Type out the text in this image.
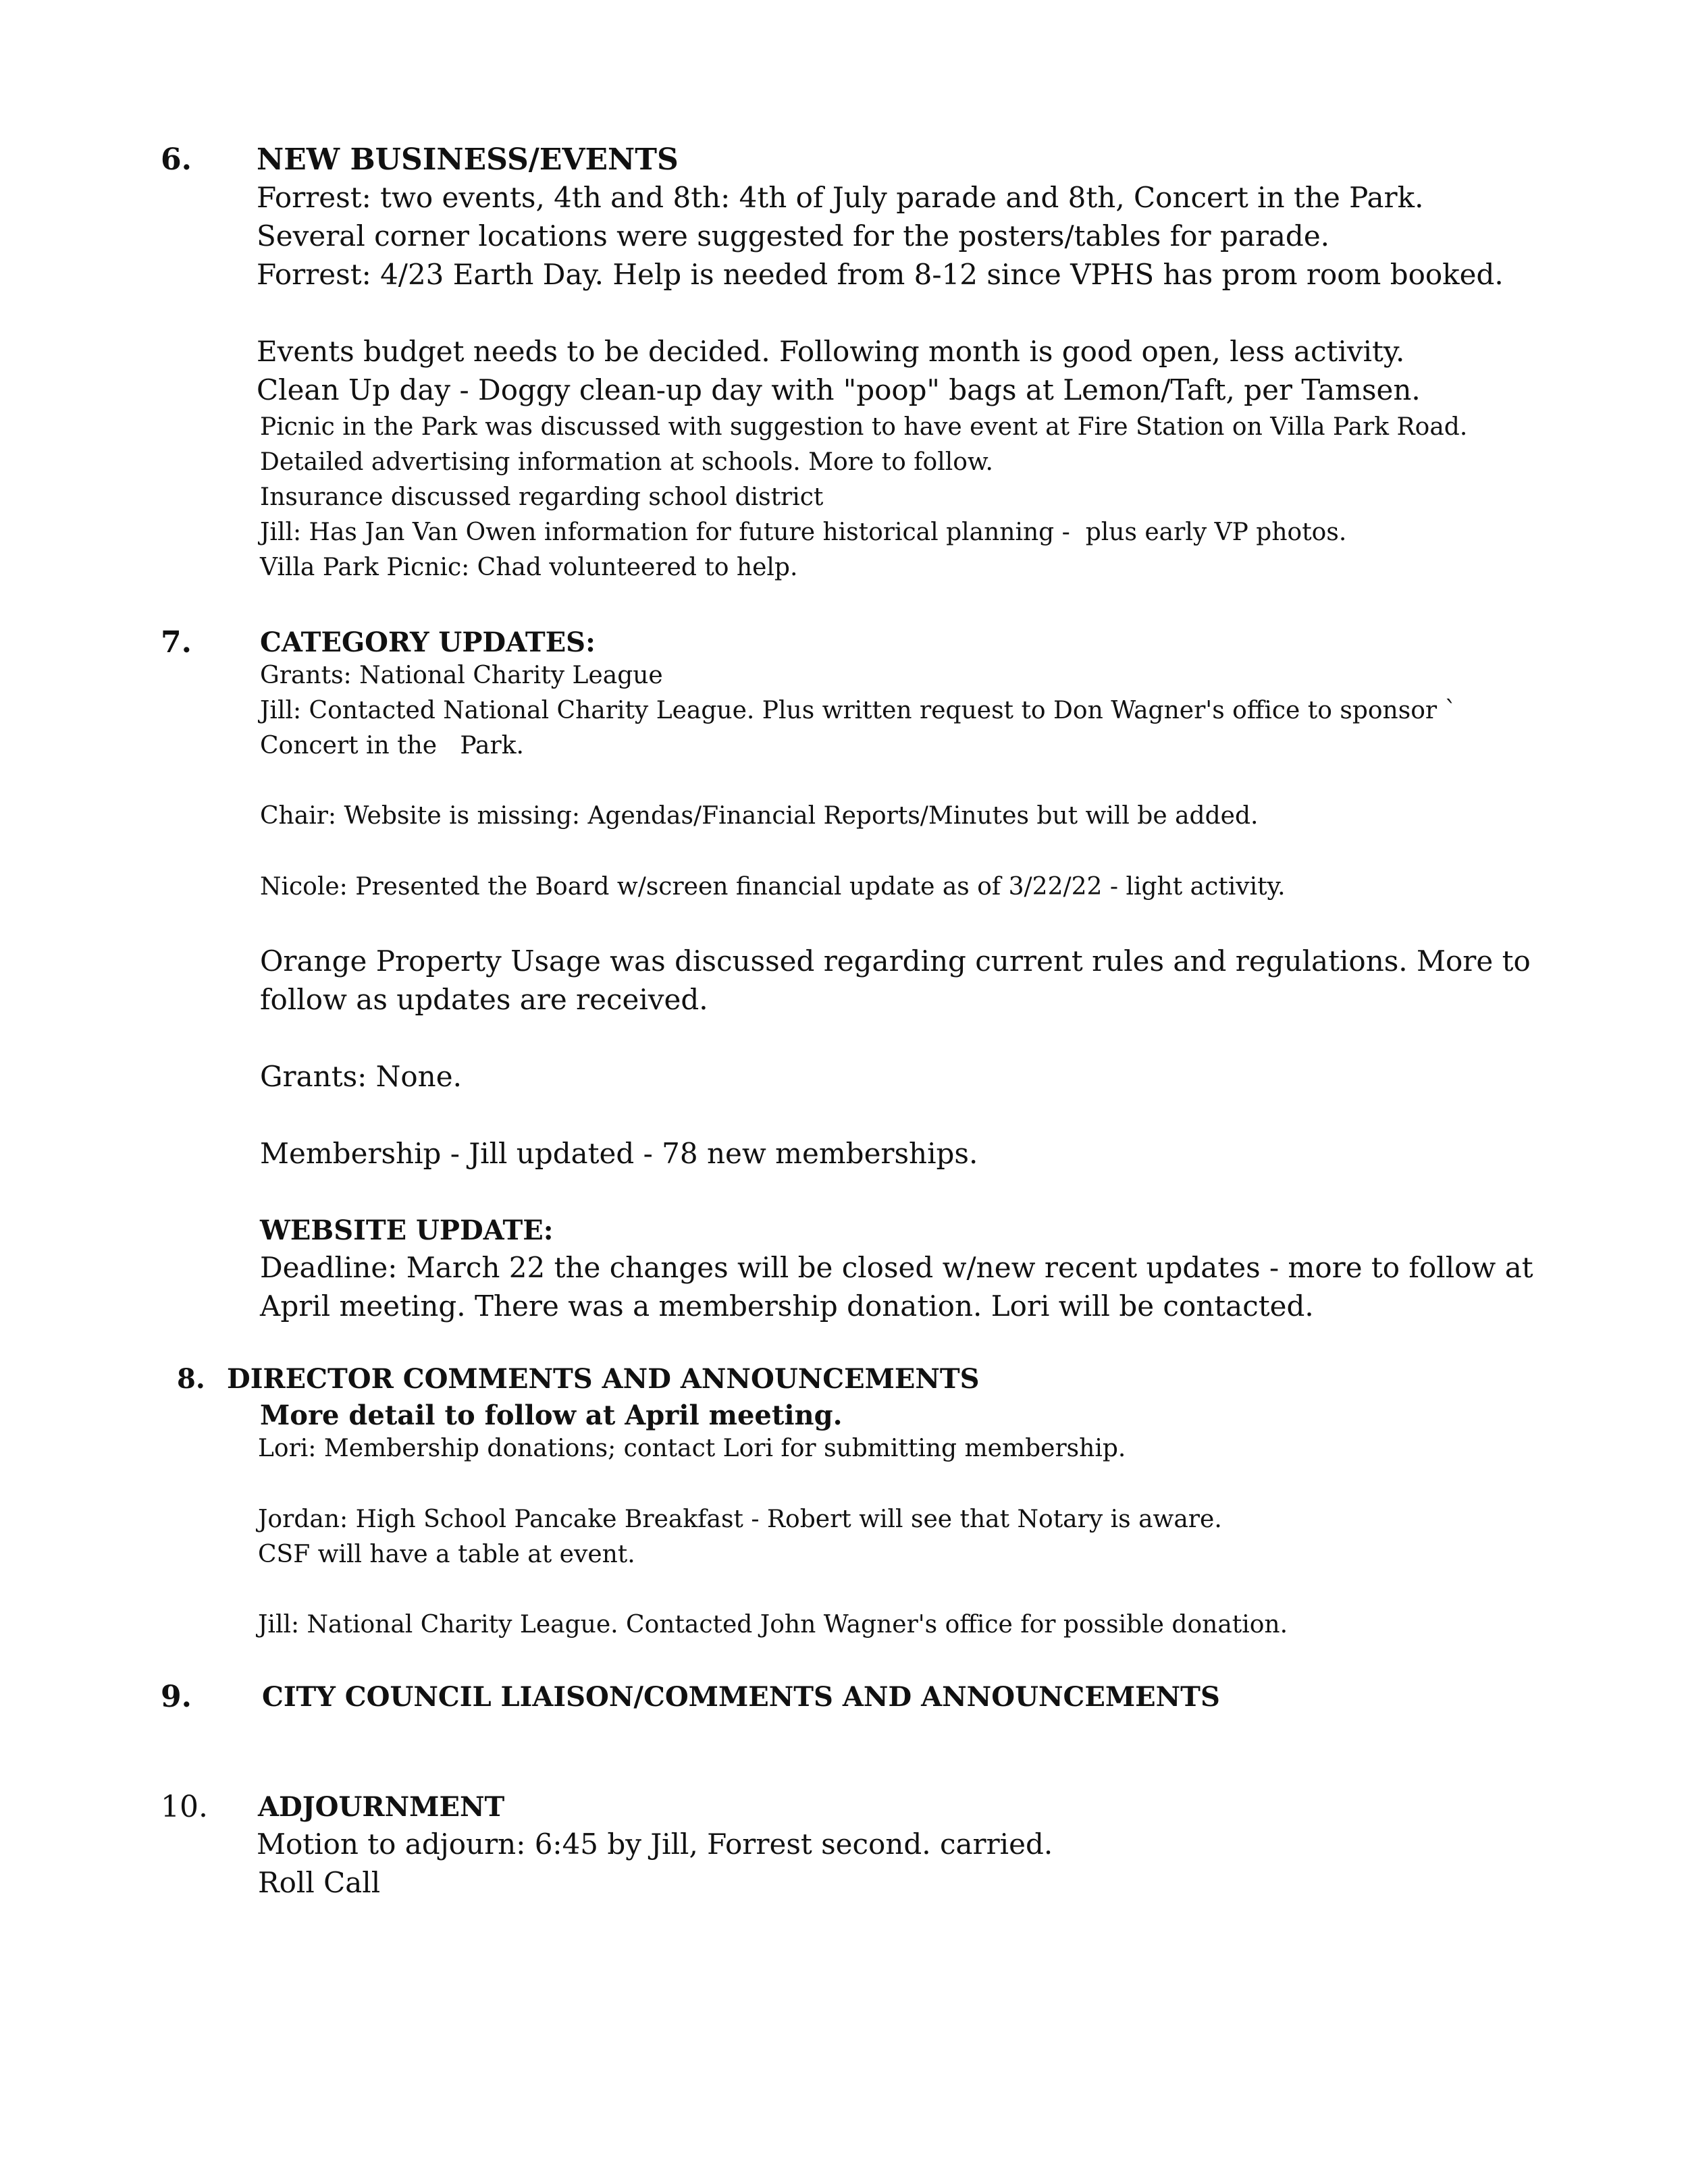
6. NEW BUSINESS/EVENTS
Forrest: two events, 4th and 8th: 4th of July parade and 8th, Concert in the Park.
Several corner locations were suggested for the posters/tables for parade.
Forrest: 4/23 Earth Day. Help is needed from 8-12 since VPHS has prom room booked.
Events budget needs to be decided. Following month is good open, less activity.
Clean Up day - Doggy clean-up day with "poop" bags at Lemon/Taft, per Tamsen.
Picnic in the Park was discussed with suggestion to have event at Fire Station on Villa Park Road.
Detailed advertising information at schools. More to follow.
Insurance discussed regarding school district
Jill: Has Jan Van Owen information for future historical planning -  plus early VP photos.
Villa Park Picnic: Chad volunteered to help.
7.	CATEGORY UPDATES:
Grants: National Charity League
Jill: Contacted National Charity League. Plus written request to Don Wagner's office to sponsor `
Concert in the   Park.
Chair: Website is missing: Agendas/Financial Reports/Minutes but will be added.
Nicole: Presented the Board w/screen financial update as of 3/22/22 - light activity.
Orange Property Usage was discussed regarding current rules and regulations. More to
follow as updates are received.
Grants: None.
Membership - Jill updated - 78 new memberships.
WEBSITE UPDATE:
Deadline: March 22 the changes will be closed w/new recent updates - more to follow at
April meeting. There was a membership donation. Lori will be contacted.
8. DIRECTOR COMMENTS AND ANNOUNCEMENTS
More detail to follow at April meeting.
Lori: Membership donations; contact Lori for submitting membership.
Jordan: High School Pancake Breakfast - Robert will see that Notary is aware.
CSF will have a table at event.
Jill: National Charity League. Contacted John Wagner's office for possible donation.
9.	CITY COUNCIL LIAISON/COMMENTS AND ANNOUNCEMENTS
10. ADJOURNMENT
Motion to adjourn: 6:45 by Jill, Forrest second. carried.
Roll Call
